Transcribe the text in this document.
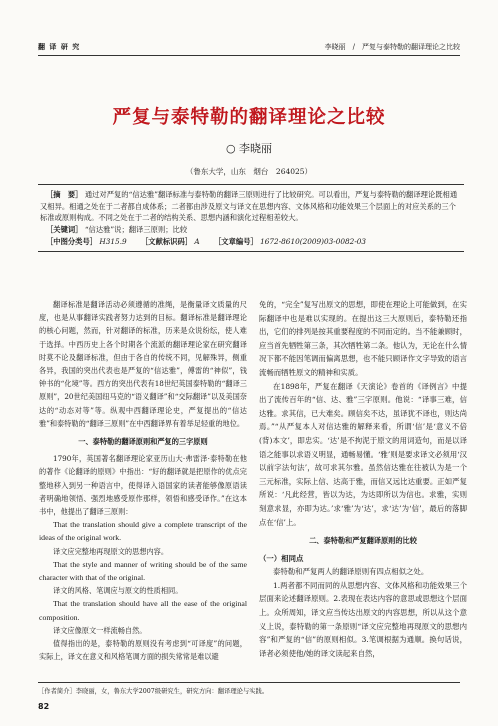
翻 译 研 究	李晓丽　/　严复与泰特勒的翻译理论之比较
严复与泰特勒的翻译理论之比较
○ 李晓丽
（鲁东大学，山东　烟台　264025）

［摘　要］ 通过对严复的“信达雅”翻译标准与泰特勒的翻译三原则进行了比较研究。可以看出，严复与泰特勒的翻译理论既相通又相异。相通之处在于二者都自成体系；二者都由涉及原文与译文在思想内容、文体风格和功能效果三个层面上的对应关系的三个标准或原则构成。不同之处在于二者的结构关系、思想内涵和演化过程相差较大。

［关键词］ “信达雅”说；翻译三原则；比较

［中图分类号］ H315.9 ［文献标识码］ A ［文章编号］ 1672-8610(2009)03-0082-03

翻译标准是翻译活动必须遵循的准绳，是衡量译文质量的尺度，也是从事翻译实践者努力达到的目标。翻译标准是翻译理论的核心问题，然而，针对翻译的标准，历来是众说纷纭，使人难于选择。中西历史上各个时期各个流派的翻译理论家在研究翻译时莫不论及翻译标准，但由于各自的传统不同，见解殊异，侧重各异，我国的突出代表也是严复的“信达雅”，傅雷的“神似”，钱钟书的“化境”等。西方的突出代表有18世纪英国泰特勒的“翻译三原则”，20世纪美国纽马克的“语义翻译”和“交际翻译”以及美国奈达的“动态对等”等。纵观中西翻译理论史，严复提出的“信达雅”和泰特勒的“翻译三原则”在中西翻译界有着举足轻重的地位。

一、泰特勒的翻译原则和严复的三字原则

1790年，英国著名翻译理论家亚历山大·弗雷泽·泰特勒在他的著作《论翻译的原则》中指出：“好的翻译就是把原作的优点完整地移入到另一种语言中，使得译入语国家的读者能够像原语读者明确地领悟、强烈地感受原作那样，领悟和感受译作。”在这本书中，他提出了翻译三原则：

That the translation should give a complete transcript of the ideas of the original work.

译文应完整地再现原文的思想内容。

That the style and manner of writing should be of the same character with that of the original.

译文的风格、笔调应与原文的性质相同。

That the translation should have all the ease of the original composition.

译文应像原文一样流畅自然。

值得指出的是，泰特勒的原则没有考虑到“可译度”的问题，实际上，译文在意义和风格笔调方面的损失常常是难以避

免的，“完全”复写出原文的思想，即使在理论上可能做到，在实际翻译中也是难以实现的。在提出这三大原则后，泰特勒还指出，它们的排列是按其重要程度的不同而定的。当不能兼顾时，应当首先牺牲第三条，其次牺牲第二条。他认为，无论在什么情况下都不能因笔调而偏离思想，也不能只顾译作文字导致的语言流畅而牺牲原文的精神和实质。

在1898年，严复在翻译《天演论》卷首的《译例言》中提出了流传百年的“信、达、雅”三字原则。他说：“译事三难，信达雅。求其信，已大难矣。顾信矣不达，虽译犹不译也，则达尚焉。”“从严复本人对信达雅的解释来看，所谓‘信’是‘意义不倍(背)本文’，即忠实。‘达’是不拘泥于原文的用词造句，而是以译语之能事以求语义明显，通畅易懂。‘雅’则是要求译文必须用‘汉以前字法句法’，故可求其尔雅。虽然信达雅在往被认为是一个三元标准，实际上信、达高于雅，而信又远比达重要。正如严复所说：‘凡此经营，皆以为达，为达即所以为信也。求雅，实则刻意求显，亦即为达。’求‘雅’为‘达’，求‘达’为‘信’，最后的落脚点在‘信’上。

二、泰特勒和严复翻译原则的比较

（一）相同点

泰特勒和严复两人的翻译原则有四点相似之处。

1.两者都不同而同的从思想内容、文体风格和功能效果三个层面来论述翻译原则。2.表现在表达内容的意思或思想这个层面上。众所周知，译文应当传达出原文的内容思想，所以从这个意义上说，泰特勒的第一条原则“译文应完整地再现原文的思想内容”和严复的“信”的原则相似。3.笔调根据为通顺。换句话说，译者必须使他/她的译文读起来自然，

［作者简介］李晓丽，女，鲁东大学2007级研究生，研究方向：翻译理论与实践。
82
